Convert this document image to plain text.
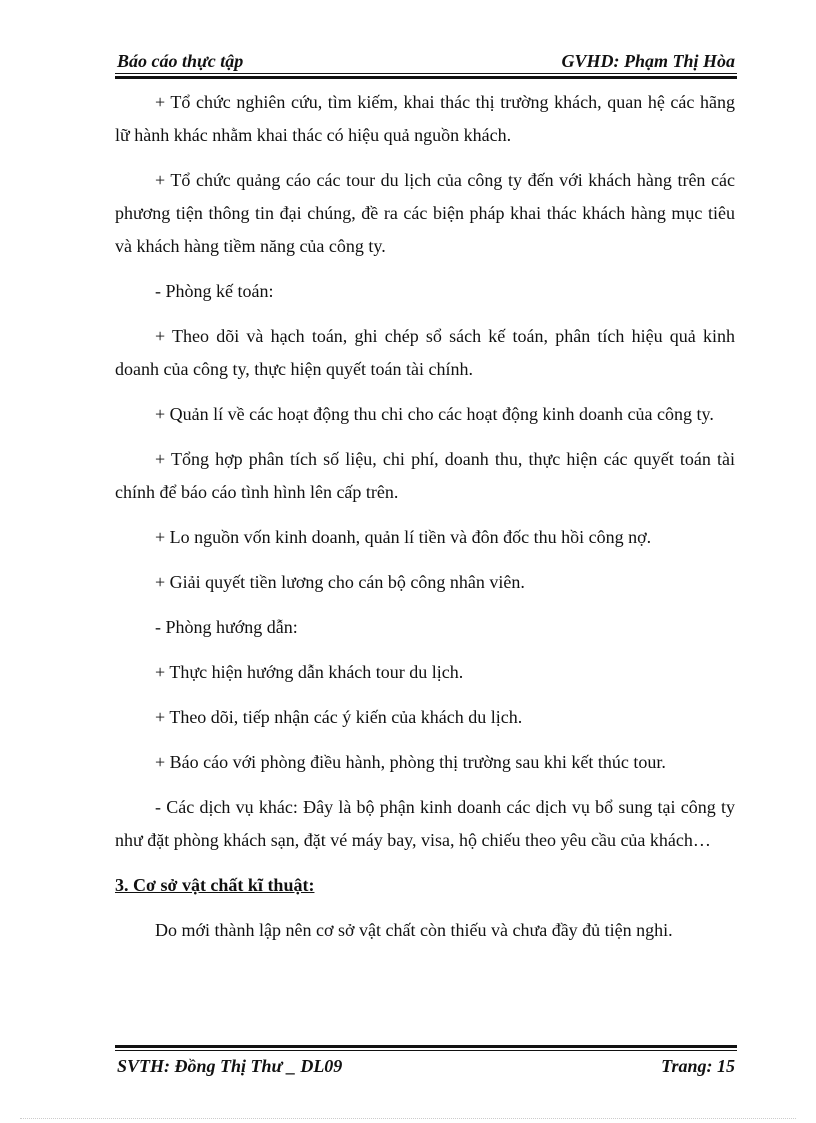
Báo cáo thực tập	GVHD: Phạm Thị Hòa

+ Tổ chức nghiên cứu, tìm kiếm, khai thác thị trường khách, quan hệ các hãng lữ hành khác nhằm khai thác có hiệu quả nguồn khách.

+ Tổ chức quảng cáo các tour du lịch của công ty đến với khách hàng trên các phương tiện thông tin đại chúng, đề ra các biện pháp khai thác khách hàng mục tiêu và khách hàng tiềm năng của công ty.

- Phòng kế toán:

+ Theo dõi và hạch toán, ghi chép sổ sách kế toán, phân tích hiệu quả kinh doanh của công ty, thực hiện quyết toán tài chính.

+ Quản lí về các hoạt động thu chi cho các hoạt động kinh doanh của công ty.

+ Tổng hợp phân tích số liệu, chi phí, doanh thu, thực hiện các quyết toán tài chính để báo cáo tình hình lên cấp trên.

+ Lo nguồn vốn kinh doanh, quản lí tiền và đôn đốc thu hồi công nợ.

+ Giải quyết tiền lương cho cán bộ công nhân viên.

- Phòng hướng dẫn:

+ Thực hiện hướng dẫn khách tour du lịch.

+ Theo dõi, tiếp nhận các ý kiến của khách du lịch.

+ Báo cáo với phòng điều hành, phòng thị trường sau khi kết thúc tour.

- Các dịch vụ khác: Đây là bộ phận kinh doanh các dịch vụ bổ sung tại công ty như đặt phòng khách sạn, đặt vé máy bay, visa, hộ chiếu theo yêu cầu của khách…

3. Cơ sở vật chất kĩ thuật:

Do mới thành lập nên cơ sở vật chất còn thiếu và chưa đầy đủ tiện nghi.

SVTH: Đồng Thị Thư _ DL09	Trang: 15
